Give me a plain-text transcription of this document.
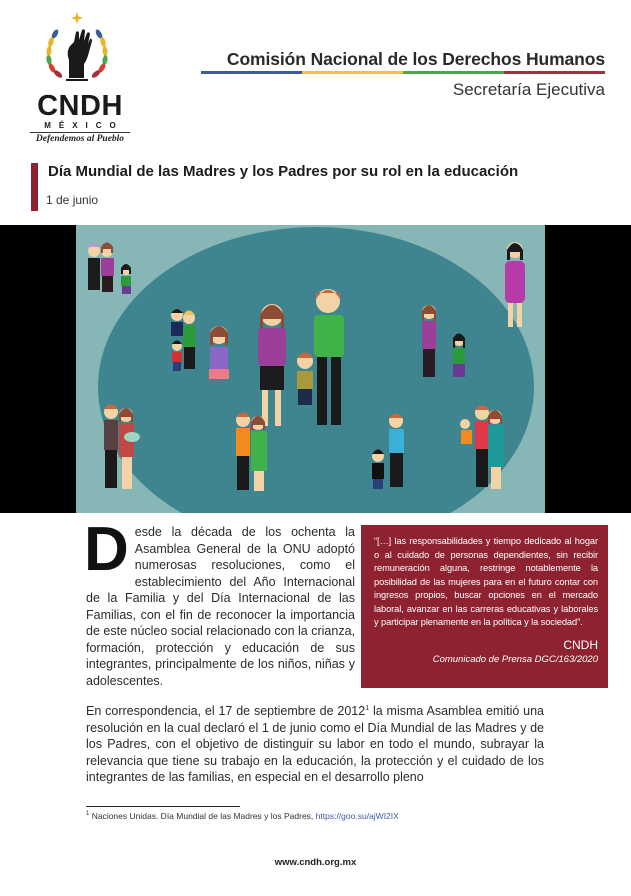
CNDH
MÉXICO
Defendemos al Pueblo
Comisión Nacional de los Derechos Humanos
Secretaría Ejecutiva
Día Mundial de las Madres y los Padres por su rol en la educación
1 de junio
Desde la década de los ochenta la Asamblea General de la ONU adoptó numerosas resoluciones, como el establecimiento del Año Internacional de la Familia y del Día Internacional de las Familias, con el fin de reconocer la importancia de este núcleo social relacionado con la crianza, formación, protección y educación de sus integrantes, principalmente de los niños, niñas y adolescentes.
“[…] las responsabilidades y tiempo dedicado al hogar o al cuidado de personas dependientes, sin recibir remuneración alguna, restringe notablemente la posibilidad de las mujeres para en el futuro contar con ingresos propios, buscar opciones en el mercado laboral, avanzar en las carreras educativas y laborales y participar plenamente en la política y la sociedad”.
CNDH
Comunicado de Prensa DGC/163/2020
En correspondencia, el 17 de septiembre de 2012$^1$ la misma Asamblea emitió una resolución en la cual declaró el 1 de junio como el Día Mundial de las Madres y de los Padres, con el objetivo de distinguir su labor en todo el mundo, subrayar la relevancia que tiene su trabajo en la educación, la protección y el cuidado de los integrantes de las familias, en especial en el desarrollo pleno
$^1$ Naciones Unidas. Día Mundial de las Madres y los Padres, https://goo.su/ajWI2IX
www.cndh.org.mx
